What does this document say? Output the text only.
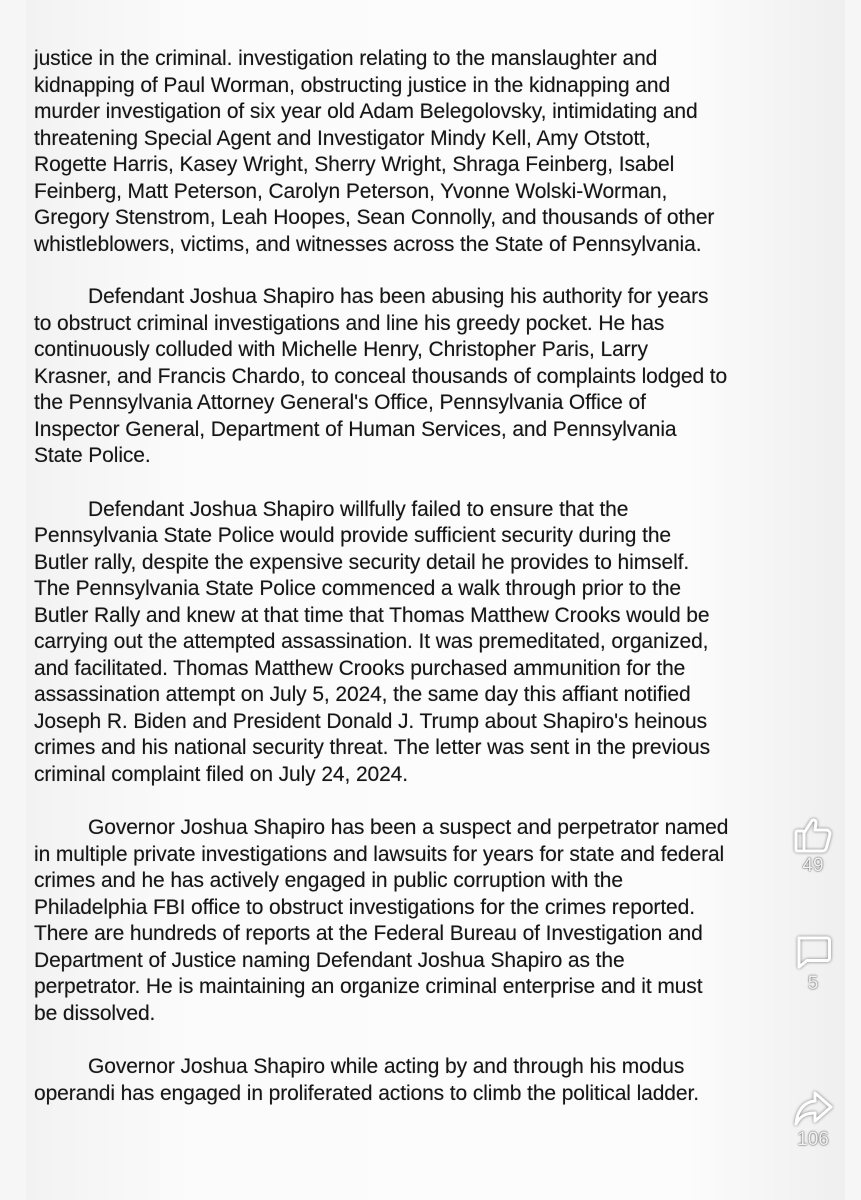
justice in the criminal. investigation relating to the manslaughter and
kidnapping of Paul Worman, obstructing justice in the kidnapping and
murder investigation of six year old Adam Belegolovsky, intimidating and
threatening Special Agent and Investigator Mindy Kell, Amy Otstott,
Rogette Harris, Kasey Wright, Sherry Wright, Shraga Feinberg, Isabel
Feinberg, Matt Peterson, Carolyn Peterson, Yvonne Wolski-Worman,
Gregory Stenstrom, Leah Hoopes, Sean Connolly, and thousands of other
whistleblowers, victims, and witnesses across the State of Pennsylvania.
Defendant Joshua Shapiro has been abusing his authority for years
to obstruct criminal investigations and line his greedy pocket. He has
continuously colluded with Michelle Henry, Christopher Paris, Larry
Krasner, and Francis Chardo, to conceal thousands of complaints lodged to
the Pennsylvania Attorney General's Office, Pennsylvania Office of
Inspector General, Department of Human Services, and Pennsylvania
State Police.
Defendant Joshua Shapiro willfully failed to ensure that the
Pennsylvania State Police would provide sufficient security during the
Butler rally, despite the expensive security detail he provides to himself.
The Pennsylvania State Police commenced a walk through prior to the
Butler Rally and knew at that time that Thomas Matthew Crooks would be
carrying out the attempted assassination. It was premeditated, organized,
and facilitated. Thomas Matthew Crooks purchased ammunition for the
assassination attempt on July 5, 2024, the same day this affiant notified
Joseph R. Biden and President Donald J. Trump about Shapiro's heinous
crimes and his national security threat. The letter was sent in the previous
criminal complaint filed on July 24, 2024.
Governor Joshua Shapiro has been a suspect and perpetrator named
in multiple private investigations and lawsuits for years for state and federal
crimes and he has actively engaged in public corruption with the
Philadelphia FBI office to obstruct investigations for the crimes reported.
There are hundreds of reports at the Federal Bureau of Investigation and
Department of Justice naming Defendant Joshua Shapiro as the
perpetrator. He is maintaining an organize criminal enterprise and it must
be dissolved.
Governor Joshua Shapiro while acting by and through his modus
operandi has engaged in proliferated actions to climb the political ladder.
49
5
106
